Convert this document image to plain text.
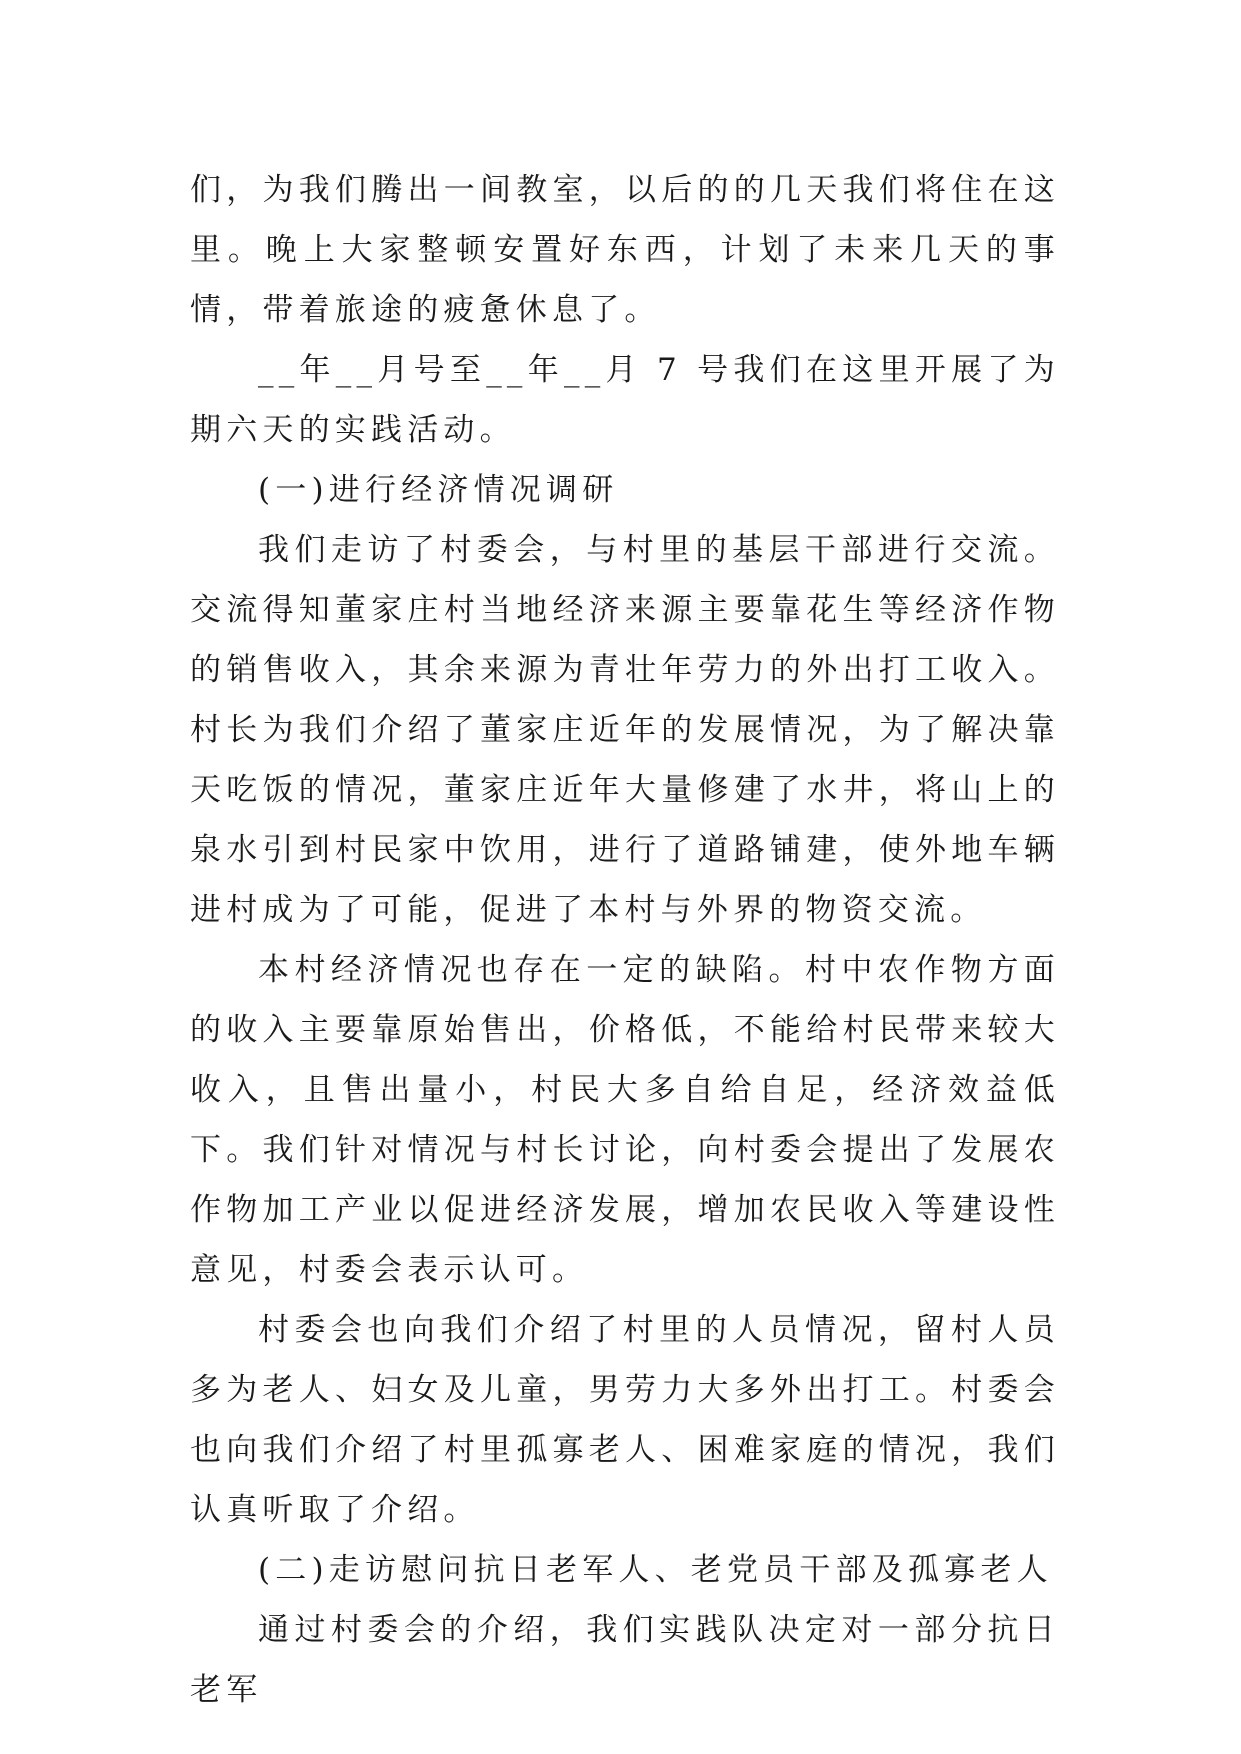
们，为我们腾出一间教室，以后的的几天我们将住在这里。晚上大家整顿安置好东西，计划了未来几天的事情，带着旅途的疲惫休息了。

__年__月号至__年__月 7 号我们在这里开展了为期六天的实践活动。

(一)进行经济情况调研

我们走访了村委会，与村里的基层干部进行交流。交流得知董家庄村当地经济来源主要靠花生等经济作物的销售收入，其余来源为青壮年劳力的外出打工收入。村长为我们介绍了董家庄近年的发展情况，为了解决靠天吃饭的情况，董家庄近年大量修建了水井，将山上的泉水引到村民家中饮用，进行了道路铺建，使外地车辆进村成为了可能，促进了本村与外界的物资交流。

本村经济情况也存在一定的缺陷。村中农作物方面的收入主要靠原始售出，价格低，不能给村民带来较大收入，且售出量小，村民大多自给自足，经济效益低下。我们针对情况与村长讨论，向村委会提出了发展农作物加工产业以促进经济发展，增加农民收入等建设性意见，村委会表示认可。

村委会也向我们介绍了村里的人员情况，留村人员多为老人、妇女及儿童，男劳力大多外出打工。村委会也向我们介绍了村里孤寡老人、困难家庭的情况，我们认真听取了介绍。

(二)走访慰问抗日老军人、老党员干部及孤寡老人

通过村委会的介绍，我们实践队决定对一部分抗日老军
